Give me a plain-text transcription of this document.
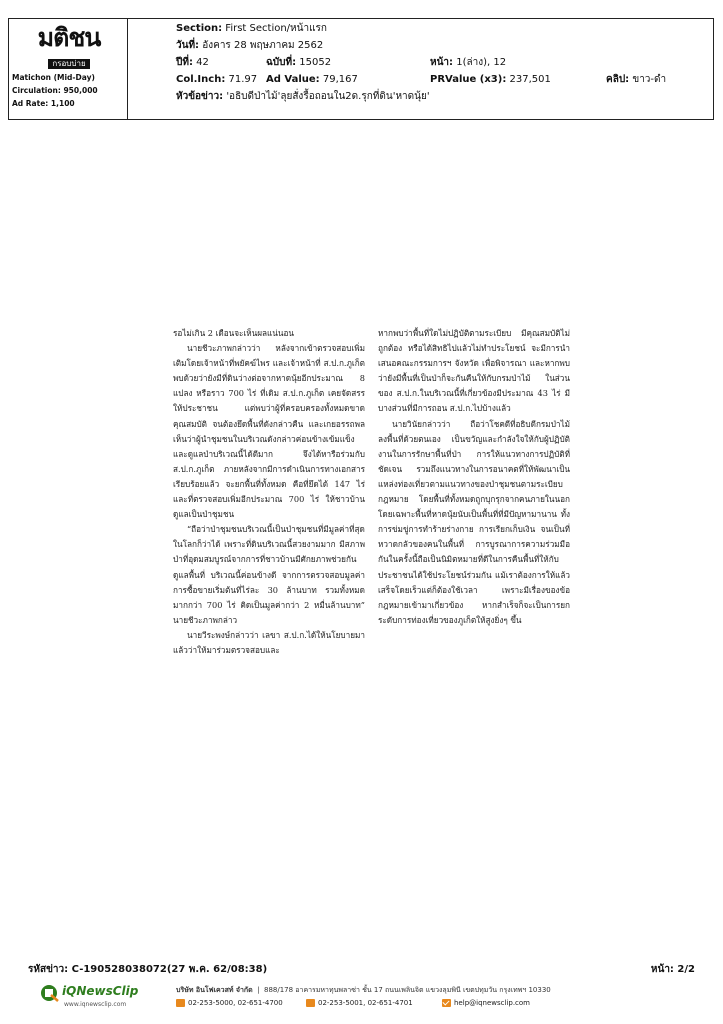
มติชน
กรอบบ่าย
Matichon (Mid-Day)
Circulation: 950,000
Ad Rate: 1,100
Section: First Section/หน้าแรก
วันที่: อังคาร 28 พฤษภาคม 2562
ปีที่: 42	ฉบับที่: 15052	หน้า: 1(ล่าง), 12
Col.Inch: 71.97 Ad Value: 79,167	PRValue (x3): 237,501	คลิป: ขาว-ดำ
หัวข้อข่าว: 'อธิบดีป่าไม้'ลุยสั่งรื้อถอนใน2ด.รุกที่ดิน'หาดนุ้ย'

รอไม่เกิน 2 เดือนจะเห็นผลแน่นอน

นายชีวะภาพกล่าวว่า หลังจากเข้าตรวจสอบเพิ่มเติมโดยเจ้าหน้าที่พยัคฆ์ไพร และเจ้าหน้าที่ ส.ป.ก.ภูเก็ต พบด้วยว่ายังมีที่ดินว่างต่อจากหาดนุ้ยอีกประมาณ 8 แปลง หรือราว 700 ไร่ ที่เดิม ส.ป.ก.ภูเก็ต เคยจัดสรรให้ประชาชน แต่พบว่าผู้ที่ครอบครองทั้งหมดขาดคุณสมบัติ จนต้องยึดพื้นที่ดังกล่าวคืน และเกยอรรถพลเห็นว่าผู้นำชุมชนในบริเวณดังกล่าวค่อนข้างเข้มแข็ง และดูแลป่าบริเวณนี้ได้ดีมาก จึงได้หารือร่วมกับ ส.ป.ก.ภูเก็ต ภายหลังจากมีการดำเนินการทางเอกสารเรียบร้อยแล้ว จะยกพื้นที่ทั้งหมด คือที่ยึดได้ 147 ไร่ และที่ตรวจสอบเพิ่มอีกประมาณ 700 ไร่ ให้ชาวบ้านดูแลเป็นป่าชุมชน

“ถือว่าป่าชุมชนบริเวณนี้เป็นป่าชุมชนที่มีมูลค่าที่สุดในโลกก็ว่าได้ เพราะที่ดินบริเวณนี้สวยงามมาก มีสภาพป่าที่อุดมสมบูรณ์จากการที่ชาวบ้านมีศักยภาพช่วยกันดูแลพื้นที่ บริเวณนี้ค่อนข้างดี จากการตรวจสอบมูลค่าการซื้อขายเริ่มต้นที่ไร่ละ 30 ล้านบาท รวมทั้งหมดมากกว่า 700 ไร่ คิดเป็นมูลค่ากว่า 2 หมื่นล้านบาท” นายชีวะภาพกล่าว

นายวีระพงษ์กล่าวว่า เลขา ส.ป.ก.ได้ให้นโยบายมาแล้วว่าให้มาร่วมตรวจสอบและ

หากพบว่าพื้นที่ใดไม่ปฏิบัติตามระเบียบ มีคุณสมบัติไม่ถูกต้อง หรือได้สิทธิไปแล้วไม่ทำประโยชน์ จะมีการนำเสนอคณะกรรมการฯ จังหวัด เพื่อพิจารณา และหากพบว่ายังมีพื้นที่เป็นป่าก็จะกันคืนให้กับกรมป่าไม้ ในส่วนของ ส.ป.ก.ในบริเวณนี้ที่เกี่ยวข้องมีประมาณ 43 ไร่ มีบางส่วนที่มีการถอน ส.ป.ก.ไปบ้างแล้ว

นายวินัยกล่าวว่า ถือว่าโชคดีที่อธิบดีกรมป่าไม้ลงพื้นที่ด้วยตนเอง เป็นขวัญและกำลังใจให้กับผู้ปฏิบัติงานในการรักษาพื้นที่ป่า การให้แนวทางการปฏิบัติที่ชัดเจน รวมถึงแนวทางในการอนาคตที่ให้พัฒนาเป็นแหล่งท่องเที่ยวตามแนวทางของป่าชุมชนตามระเบียบกฎหมาย โดยพื้นที่ทั้งหมดถูกบุกรุกจากคนภายในนอก โดยเฉพาะพื้นที่หาดนุ้ยนับเป็นพื้นที่ที่มีปัญหามานาน ทั้งการข่มขู่การทำร้ายร่างกาย การเรียกเก็บเงิน จนเป็นที่หวาดกลัวของคนในพื้นที่ การบูรณาการความร่วมมือกันในครั้งนี้ถือเป็นนิมิตหมายที่ดีในการคืนพื้นที่ให้กับประชาชนได้ใช้ประโยชน์ร่วมกัน แม้เราต้องการให้แล้วเสร็จโดยเร็วแต่ก็ต้องใช้เวลา เพราะมีเรื่องของข้อกฎหมายเข้ามาเกี่ยวข้อง หากสำเร็จก็จะเป็นการยกระดับการท่องเที่ยวของภูเก็ตให้สูงยิ่งๆ ขึ้น

รหัสข่าว: C-190528038072(27 พ.ค. 62/08:38)	หน้า: 2/2
iQNewsClip
www.iqnewsclip.com
บริษัท อินโฟเควสท์ จำกัด  |  888/178 อาคารมหาทุนพลาซ่า ชั้น 17 ถนนเพลินจิต แขวงลุมพินี เขตปทุมวัน กรุงเทพฯ 10330
02-253-5000, 02-651-4700	02-253-5001, 02-651-4701	help@iqnewsclip.com
